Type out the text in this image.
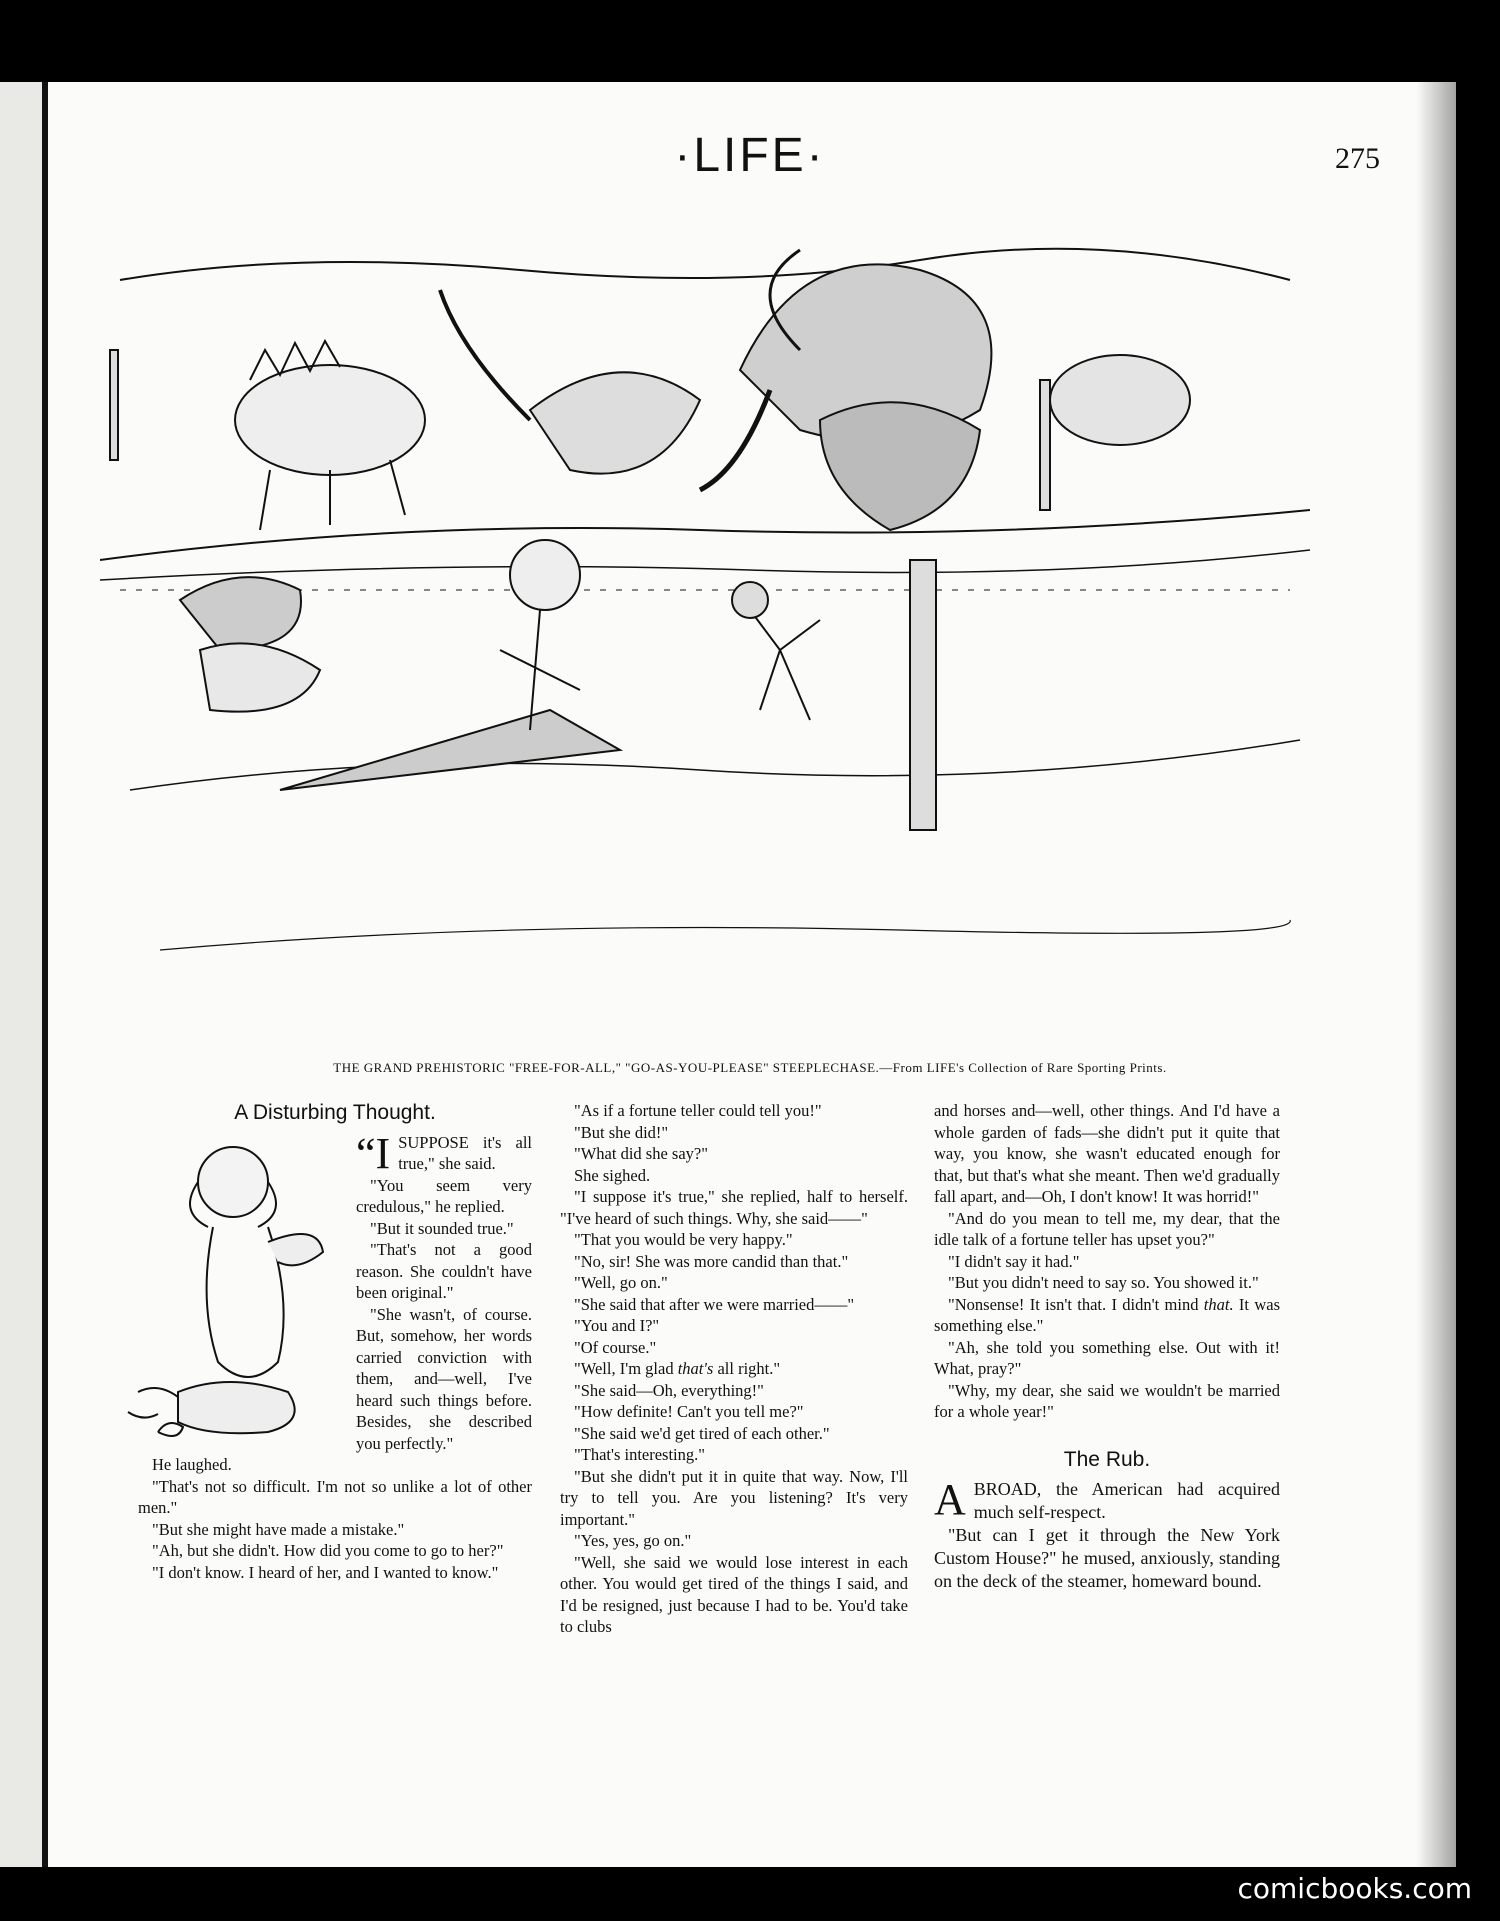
·LIFE·	275
THE GRAND PREHISTORIC "FREE-FOR-ALL," "GO-AS-YOU-PLEASE" STEEPLECHASE.—From LIFE's Collection of Rare Sporting Prints.
A Disturbing Thought.

“ISUPPOSE it's all true," she said.

"You seem very credulous," he replied.

"But it sounded true."

"That's not a good reason. She couldn't have been original."

"She wasn't, of course. But, somehow, her words carried conviction with them, and—well, I've heard such things before. Besides, she described you perfectly."

He laughed.

"That's not so difficult. I'm not so unlike a lot of other men."

"But she might have made a mistake."

"Ah, but she didn't. How did you come to go to her?"

"I don't know. I heard of her, and I wanted to know."

"As if a fortune teller could tell you!"

"But she did!"

"What did she say?"

She sighed.

"I suppose it's true," she replied, half to herself. "I've heard of such things. Why, she said——"

"That you would be very happy."

"No, sir! She was more candid than that."

"Well, go on."

"She said that after we were married——"

"You and I?"

"Of course."

"Well, I'm glad that's all right."

"She said—Oh, everything!"

"How definite! Can't you tell me?"

"She said we'd get tired of each other."

"That's interesting."

"But she didn't put it in quite that way. Now, I'll try to tell you. Are you listening? It's very important."

"Yes, yes, go on."

"Well, she said we would lose interest in each other. You would get tired of the things I said, and I'd be resigned, just because I had to be. You'd take to clubs

and horses and—well, other things. And I'd have a whole garden of fads—she didn't put it quite that way, you know, she wasn't educated enough for that, but that's what she meant. Then we'd gradually fall apart, and—Oh, I don't know! It was horrid!"

"And do you mean to tell me, my dear, that the idle talk of a fortune teller has upset you?"

"I didn't say it had."

"But you didn't need to say so. You showed it."

"Nonsense! It isn't that. I didn't mind that. It was something else."

"Ah, she told you something else. Out with it! What, pray?"

"Why, my dear, she said we wouldn't be married for a whole year!"

The Rub.

ABROAD, the American had acquired much self-respect.

"But can I get it through the New York Custom House?" he mused, anxiously, standing on the deck of the steamer, homeward bound.

comicbooks.com
